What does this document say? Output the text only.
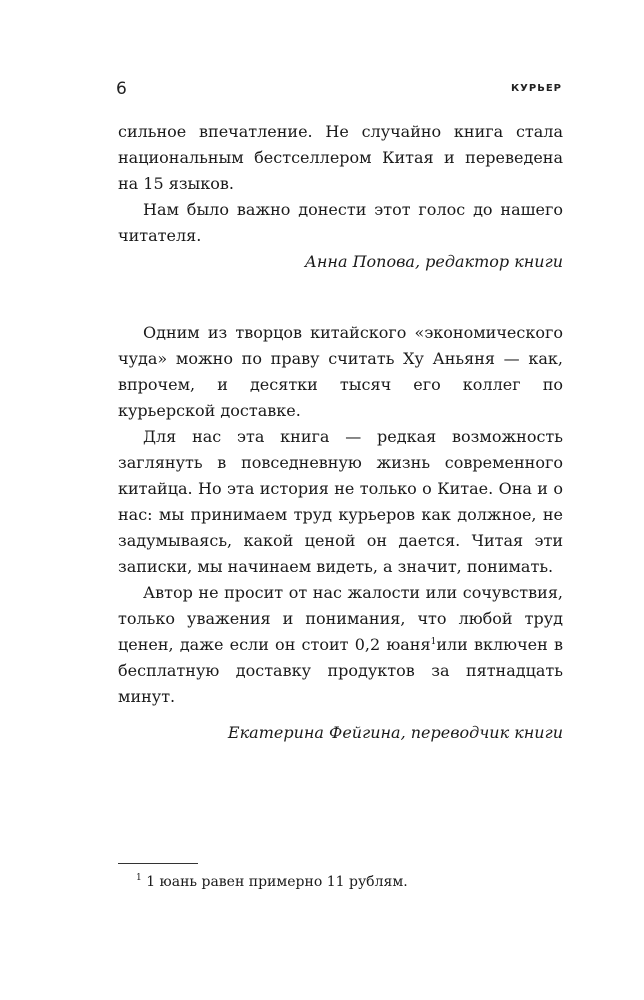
6	КУРЬЕР

сильное впечатление. Не случайно книга стала национальным бестселлером Китая и переведена на 15 языков.

Нам было важно донести этот голос до нашего читателя.

Анна Попова, редактор книги

Одним из творцов китайского «экономического чуда» можно по праву считать Ху Аньяня — как, впрочем, и десятки тысяч его коллег по курьерской доставке.

Для нас эта книга — редкая возможность заглянуть в повседневную жизнь современного китайца. Но эта история не только о Китае. Она и о нас: мы принимаем труд курьеров как должное, не задумываясь, какой ценой он дается. Читая эти записки, мы начинаем видеть, а значит, понимать.

Автор не просит от нас жалости или сочувствия, только уважения и понимания, что любой труд ценен, даже если он стоит 0,2 юаня$^1$или включен в бесплатную доставку продуктов за пятнадцать минут.

Екатерина Фейгина, переводчик книги

$^1$ 1 юань равен примерно 11 рублям.
